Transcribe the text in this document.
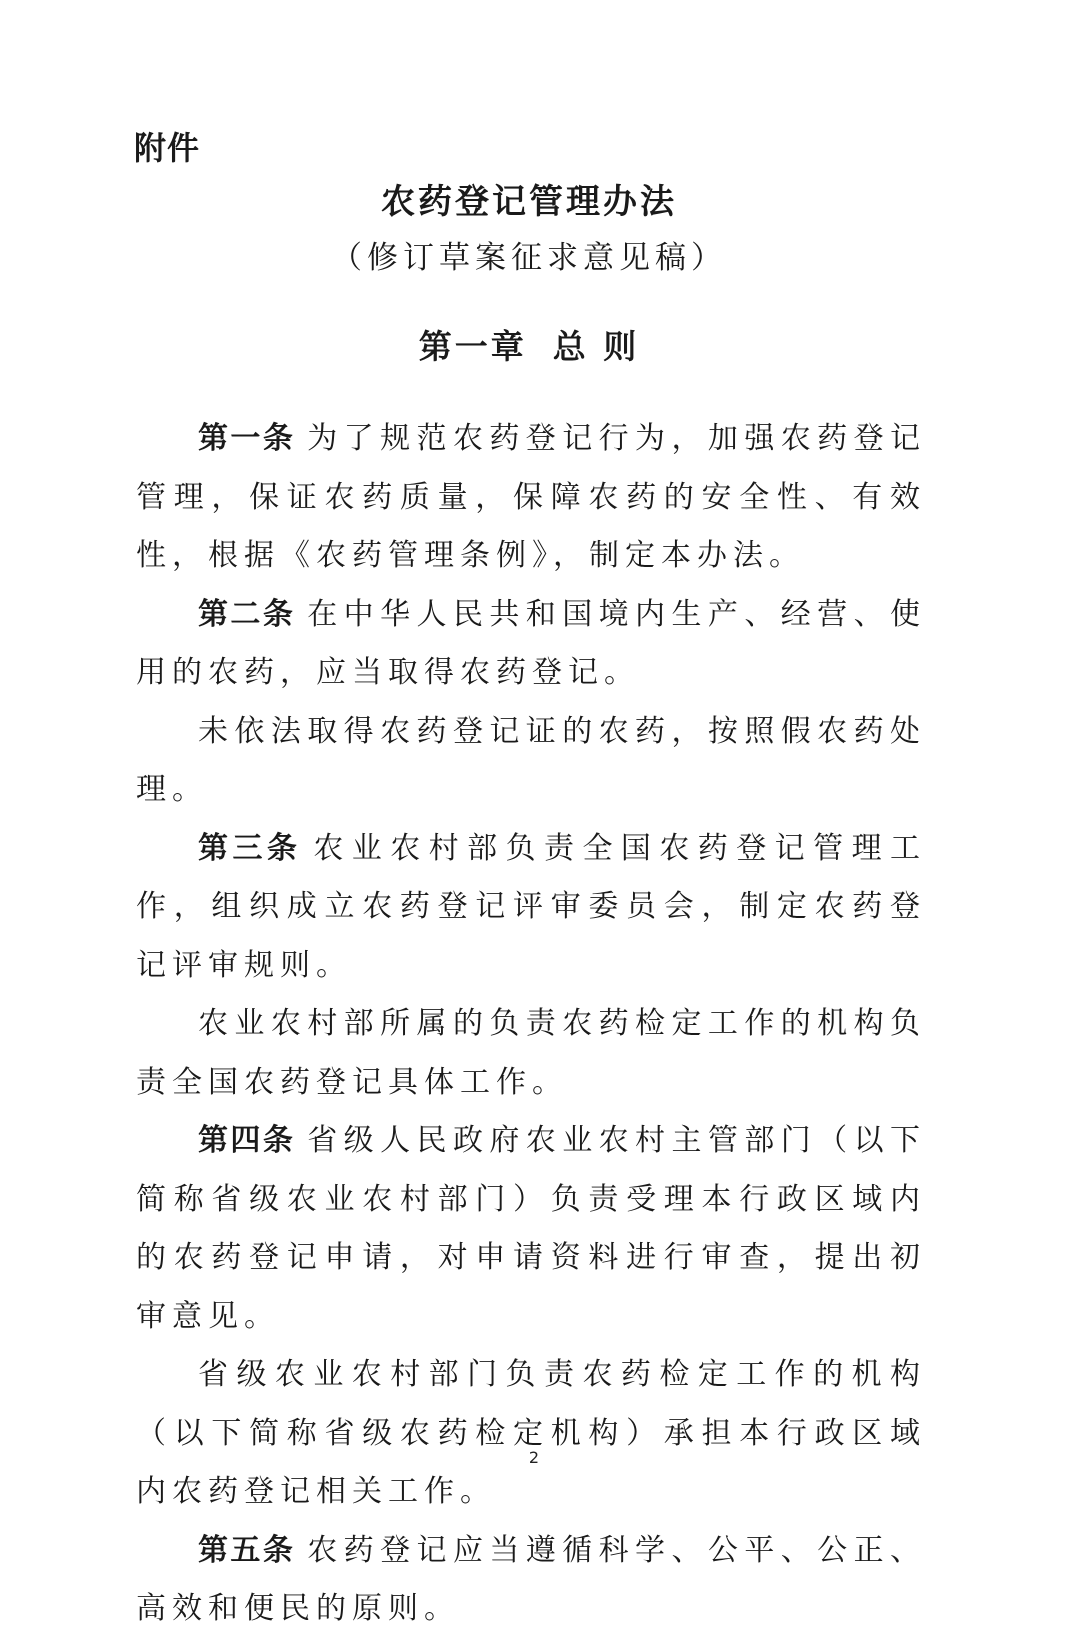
附件
农药登记管理办法
（修订草案征求意见稿）
第一章 总 则

第一条 为了规范农药登记行为，加强农药登记管理，保证农药质量，保障农药的安全性、有效性，根据《农药管理条例》，制定本办法。

第二条 在中华人民共和国境内生产、经营、使用的农药，应当取得农药登记。

未依法取得农药登记证的农药，按照假农药处理。

第三条 农业农村部负责全国农药登记管理工作，组织成立农药登记评审委员会，制定农药登记评审规则。

农业农村部所属的负责农药检定工作的机构负责全国农药登记具体工作。

第四条 省级人民政府农业农村主管部门（以下简称省级农业农村部门）负责受理本行政区域内的农药登记申请，对申请资料进行审查，提出初审意见。

省级农业农村部门负责农药检定工作的机构（以下简称省级农药检定机构）承担本行政区域内农药登记相关工作。

第五条 农药登记应当遵循科学、公平、公正、高效和便民的原则。

2
